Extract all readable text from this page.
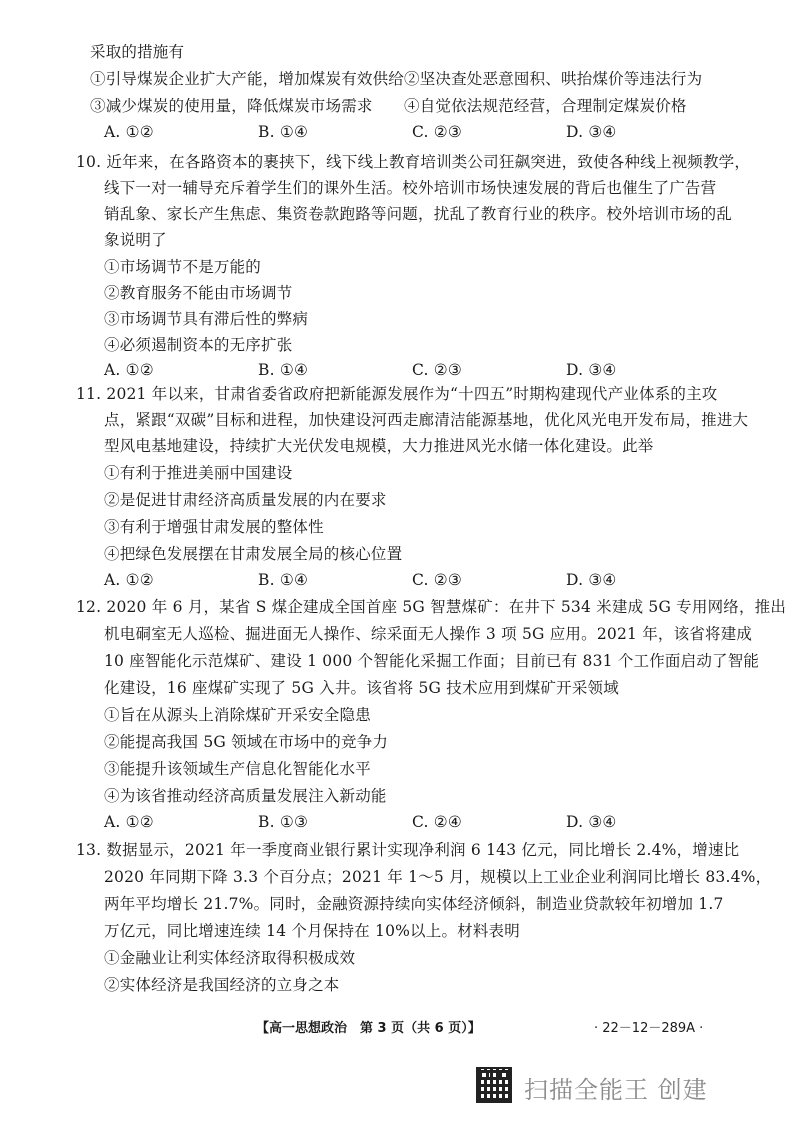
采取的措施有
①引导煤炭企业扩大产能，增加煤炭有效供给 ②坚决查处恶意囤积、哄抬煤价等违法行为
③减少煤炭的使用量，降低煤炭市场需求 ④自觉依法规范经营，合理制定煤炭价格
A. ①②	B. ①④	C. ②③	D. ③④
10. 近年来，在各路资本的裹挟下，线下线上教育培训类公司狂飙突进，致使各种线上视频教学，
线下一对一辅导充斥着学生们的课外生活。校外培训市场快速发展的背后也催生了广告营
销乱象、家长产生焦虑、集资卷款跑路等问题，扰乱了教育行业的秩序。校外培训市场的乱
象说明了
①市场调节不是万能的
②教育服务不能由市场调节
③市场调节具有滞后性的弊病
④必须遏制资本的无序扩张
A. ①②	B. ①④	C. ②③	D. ③④
11. 2021 年以来，甘肃省委省政府把新能源发展作为“十四五”时期构建现代产业体系的主攻
点，紧跟“双碳”目标和进程，加快建设河西走廊清洁能源基地，优化风光电开发布局，推进大
型风电基地建设，持续扩大光伏发电规模，大力推进风光水储一体化建设。此举
①有利于推进美丽中国建设
②是促进甘肃经济高质量发展的内在要求
③有利于增强甘肃发展的整体性
④把绿色发展摆在甘肃发展全局的核心位置
A. ①②	B. ①④	C. ②③	D. ③④
12. 2020 年 6 月，某省 S 煤企建成全国首座 5G 智慧煤矿：在井下 534 米建成 5G 专用网络，推出
机电硐室无人巡检、掘进面无人操作、综采面无人操作 3 项 5G 应用。2021 年，该省将建成
10 座智能化示范煤矿、建设 1 000 个智能化采掘工作面；目前已有 831 个工作面启动了智能
化建设，16 座煤矿实现了 5G 入井。该省将 5G 技术应用到煤矿开采领域
①旨在从源头上消除煤矿开采安全隐患
②能提高我国 5G 领域在市场中的竞争力
③能提升该领域生产信息化智能化水平
④为该省推动经济高质量发展注入新动能
A. ①②	B. ①③	C. ②④	D. ③④
13. 数据显示，2021 年一季度商业银行累计实现净利润 6 143 亿元，同比增长 2.4%，增速比
2020 年同期下降 3.3 个百分点；2021 年 1～5 月，规模以上工业企业利润同比增长 83.4%，
两年平均增长 21.7%。同时，金融资源持续向实体经济倾斜，制造业贷款较年初增加 1.7
万亿元，同比增速连续 14 个月保持在 10%以上。材料表明
①金融业让利实体经济取得积极成效
②实体经济是我国经济的立身之本
【高一思想政治　第 3 页（共 6 页）】	· 22－12－289A ·
扫描全能王 创建
